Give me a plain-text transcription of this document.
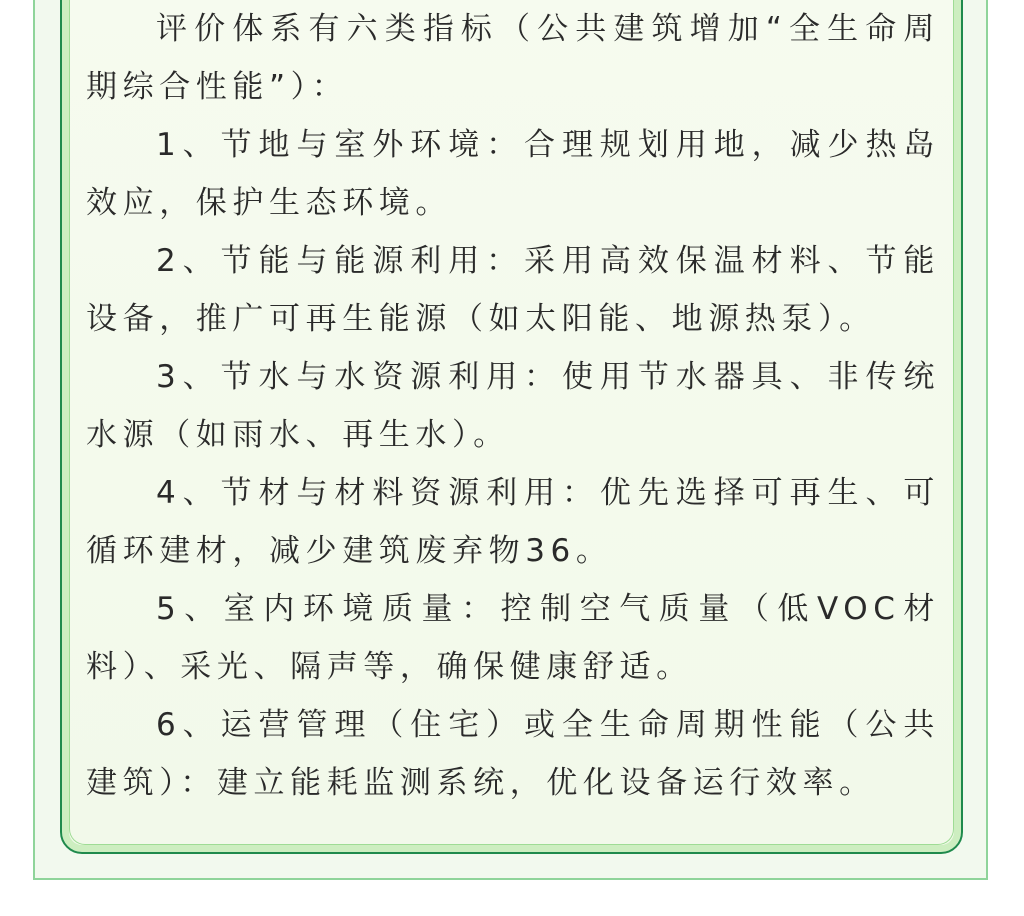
评价体系有六类指标（公共建筑增加“全生命周期综合性能”）：

1、节地与室外环境：合理规划用地，减少热岛效应，保护生态环境。

2、节能与能源利用：采用高效保温材料、节能设备，推广可再生能源（如太阳能、地源热泵）。

3、节水与水资源利用：使用节水器具、非传统水源（如雨水、再生水）。

4、节材与材料资源利用：优先选择可再生、可循环建材，减少建筑废弃物36。

5、室内环境质量：控制空气质量（低VOC材料）、采光、隔声等，确保健康舒适。

6、运营管理（住宅）或全生命周期性能（公共建筑）：建立能耗监测系统，优化设备运行效率。
